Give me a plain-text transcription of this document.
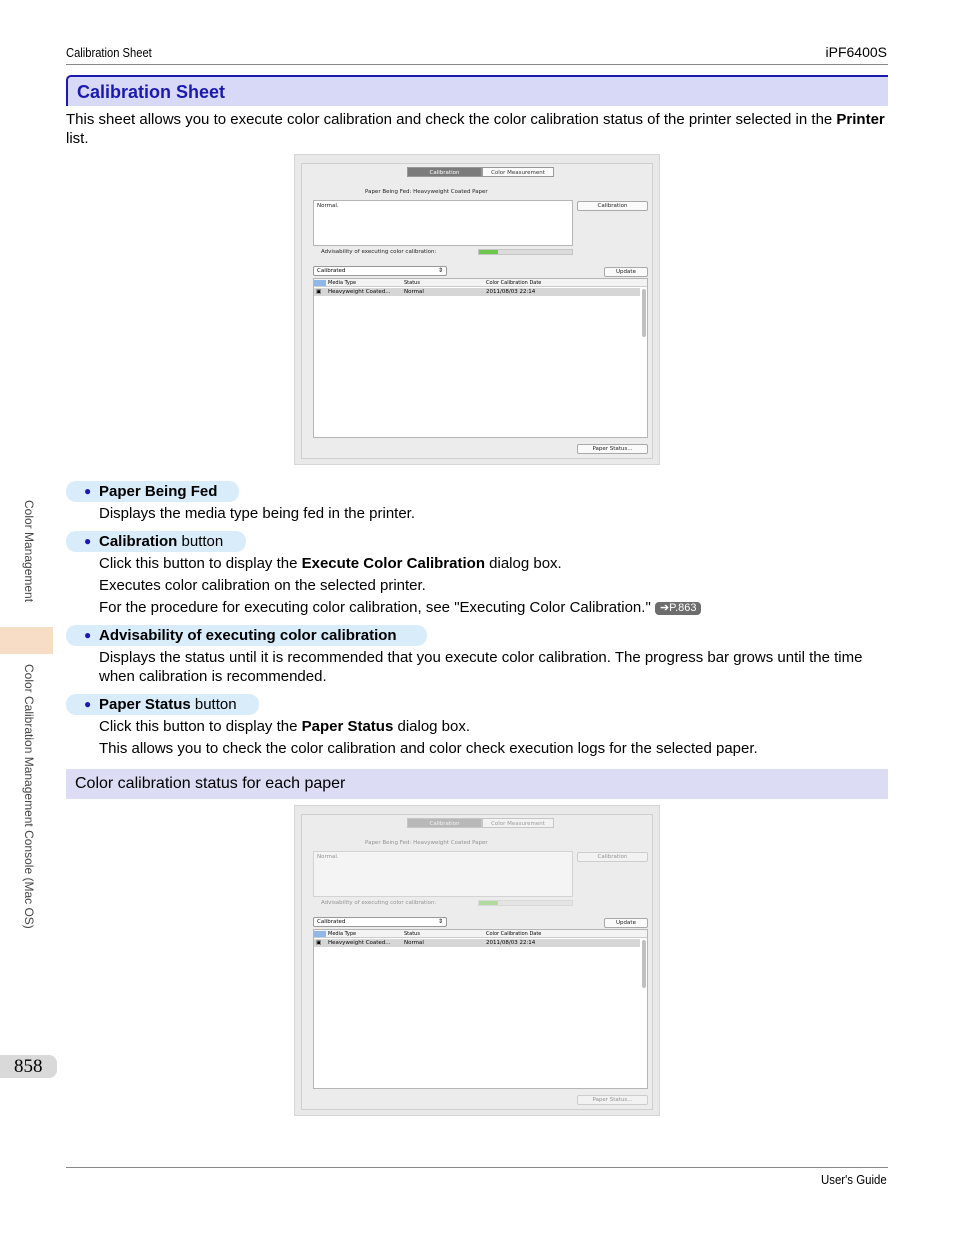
Calibration Sheet	iPF6400S
Calibration Sheet
This sheet allows you to execute color calibration and check the color calibration status of the printer selected in the Printer list.
Calibration	Color Measurement
Paper Being Fed: Heavyweight Coated Paper
Normal.	Calibration
Advisability of executing color calibration:
Calibrated	⇕	Update
Media Type	Status	Color Calibration Date
▣ Heavyweight Coated... Normal	2011/08/03 22:14
Paper Status...
● Paper Being Fed
Displays the media type being fed in the printer.
● Calibration button
Click this button to display the Execute Color Calibration dialog box.
Executes color calibration on the selected printer.
For the procedure for executing color calibration, see "Executing Color Calibration." ➔P.863
● Advisability of executing color calibration
Displays the status until it is recommended that you execute color calibration. The progress bar grows until the time when calibration is recommended.
● Paper Status button
Click this button to display the Paper Status dialog box.
This allows you to check the color calibration and color check execution logs for the selected paper.
Color calibration status for each paper
Calibration	Color Measurement
Paper Being Fed: Heavyweight Coated Paper
Normal.	Calibration
Advisability of executing color calibration:
Calibrated	⇕	Update
Media Type	Status	Color Calibration Date
▣ Heavyweight Coated... Normal	2011/08/03 22:14
Paper Status...
Color Management
Color Calibration Management Console (Mac OS)
858
User's Guide
